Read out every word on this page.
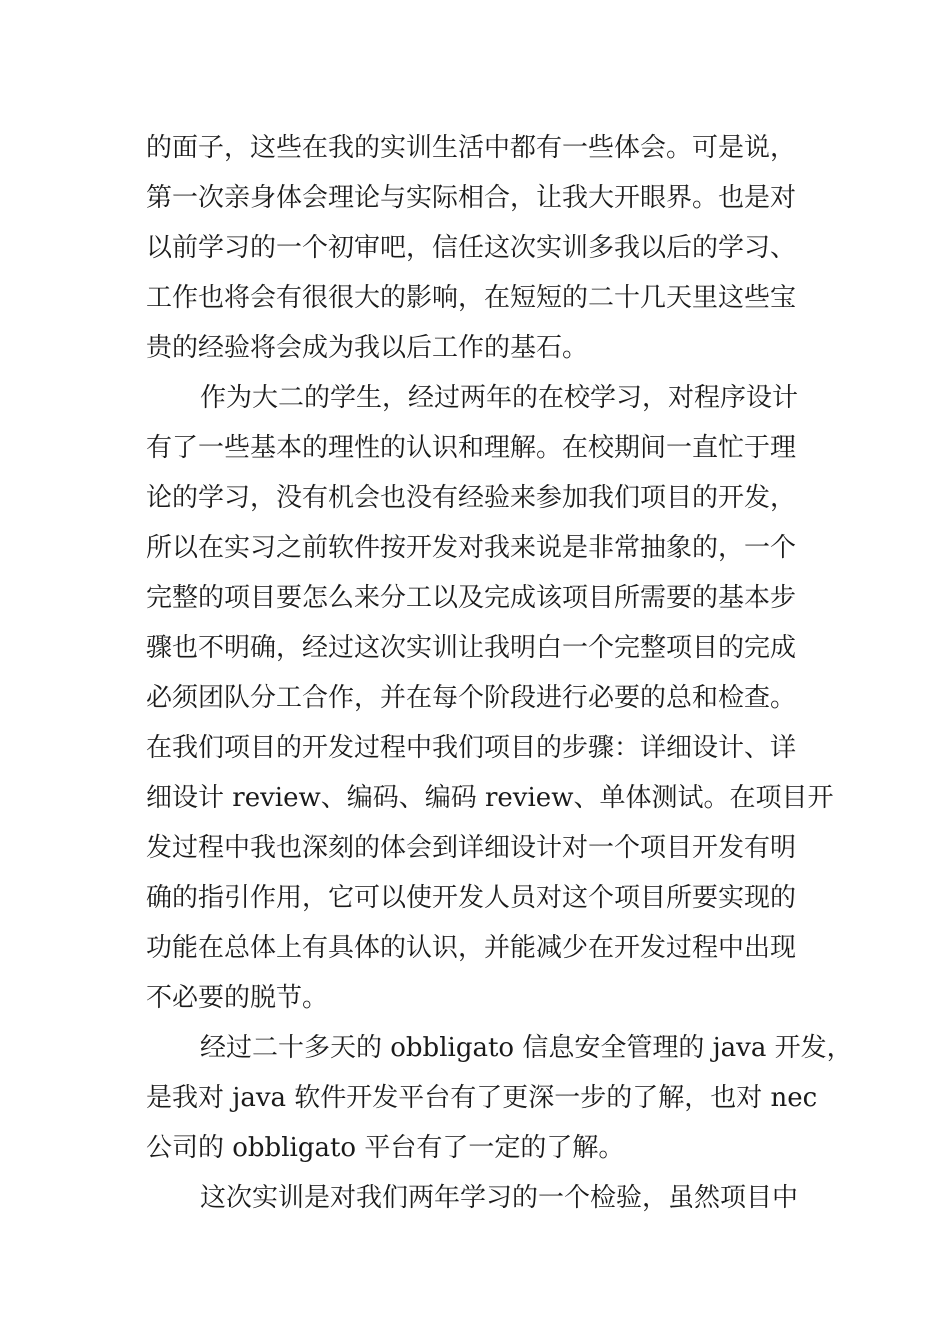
的面子，这些在我的实训生活中都有一些体会。可是说，
第一次亲身体会理论与实际相合，让我大开眼界。也是对
以前学习的一个初审吧，信任这次实训多我以后的学习、
工作也将会有很很大的影响，在短短的二十几天里这些宝
贵的经验将会成为我以后工作的基石。
作为大二的学生，经过两年的在校学习，对程序设计
有了一些基本的理性的认识和理解。在校期间一直忙于理
论的学习，没有机会也没有经验来参加我们项目的开发，
所以在实习之前软件按开发对我来说是非常抽象的，一个
完整的项目要怎么来分工以及完成该项目所需要的基本步
骤也不明确，经过这次实训让我明白一个完整项目的完成
必须团队分工合作，并在每个阶段进行必要的总和检查。
在我们项目的开发过程中我们项目的步骤：详细设计、详
细设计 review、编码、编码 review、单体测试。在项目开
发过程中我也深刻的体会到详细设计对一个项目开发有明
确的指引作用，它可以使开发人员对这个项目所要实现的
功能在总体上有具体的认识，并能减少在开发过程中出现
不必要的脱节。
经过二十多天的 obbligato 信息安全管理的 java 开发，
是我对 java 软件开发平台有了更深一步的了解，也对 nec
公司的 obbligato 平台有了一定的了解。
这次实训是对我们两年学习的一个检验，虽然项目中
